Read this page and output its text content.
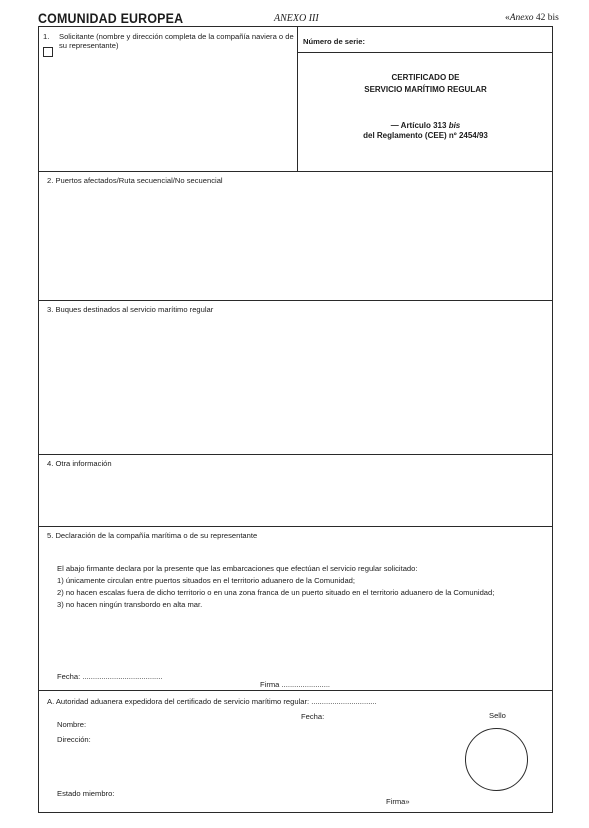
COMUNIDAD EUROPEA	ANEXO III	«Anexo 42 bis
1. Solicitante (nombre y dirección completa de la compañía naviera o de
su representante)	Número de serie:
CERTIFICADO DE
SERVICIO MARÍTIMO REGULAR
— Artículo 313 bis
del Reglamento (CEE) nº 2454/93
2. Puertos afectados/Ruta secuencial/No secuencial
3. Buques destinados al servicio marítimo regular
4. Otra información
5. Declaración de la compañía marítima o de su representante
El abajo firmante declara por la presente que las embarcaciones que efectúan el servicio regular solicitado:
1) únicamente circulan entre puertos situados en el territorio aduanero de la Comunidad;
2) no hacen escalas fuera de dicho territorio o en una zona franca de un puerto situado en el territorio aduanero de la Comunidad;
3) no hacen ningún transbordo en alta mar.
Fecha: ......................................
Firma .......................
A. Autoridad aduanera expedidora del certificado de servicio marítimo regular: ...............................
Fecha:	Sello
Nombre:
Dirección:
Estado miembro:
Firma»
